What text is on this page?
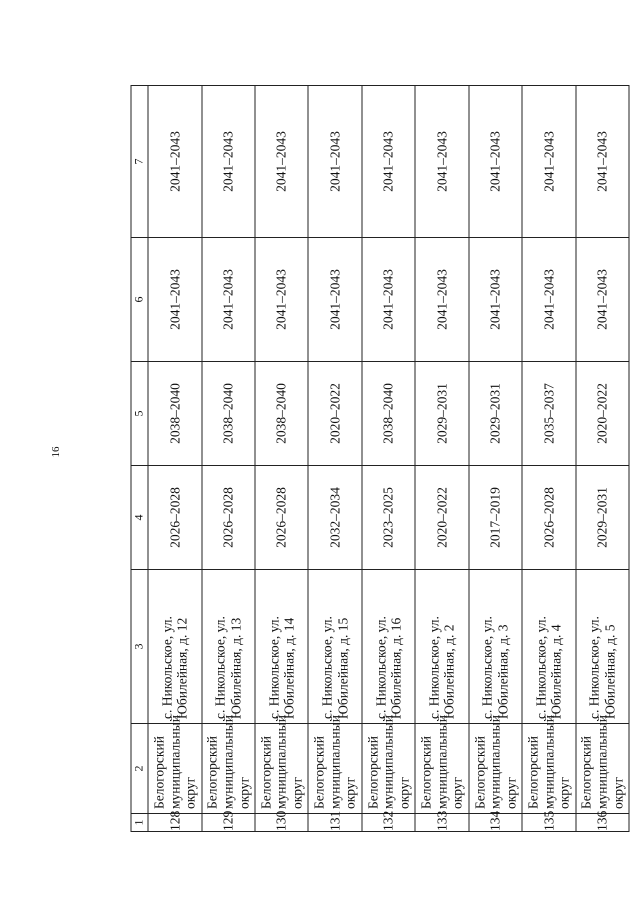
16
1	2	3	4	5	6	7
128	Белогорский муниципальный округ	с. Никольское, ул. Юбилейная, д. 12	2026–2028	2038–2040	2041–2043	2041–2043
129	Белогорский муниципальный округ	с. Никольское, ул. Юбилейная, д. 13	2026–2028	2038–2040	2041–2043	2041–2043
130	Белогорский муниципальный округ	с. Никольское, ул. Юбилейная, д. 14	2026–2028	2038–2040	2041–2043	2041–2043
131	Белогорский муниципальный округ	с. Никольское, ул. Юбилейная, д. 15	2032–2034	2020–2022	2041–2043	2041–2043
132	Белогорский муниципальный округ	с. Никольское, ул. Юбилейная, д. 16	2023–2025	2038–2040	2041–2043	2041–2043
133	Белогорский муниципальный округ	с. Никольское, ул. Юбилейная, д. 2	2020–2022	2029–2031	2041–2043	2041–2043
134	Белогорский муниципальный округ	с. Никольское, ул. Юбилейная, д. 3	2017–2019	2029–2031	2041–2043	2041–2043
135	Белогорский муниципальный округ	с. Никольское, ул. Юбилейная, д. 4	2026–2028	2035–2037	2041–2043	2041–2043
136	Белогорский муниципальный округ	с. Никольское, ул. Юбилейная, д. 5	2029–2031	2020–2022	2041–2043	2041–2043
